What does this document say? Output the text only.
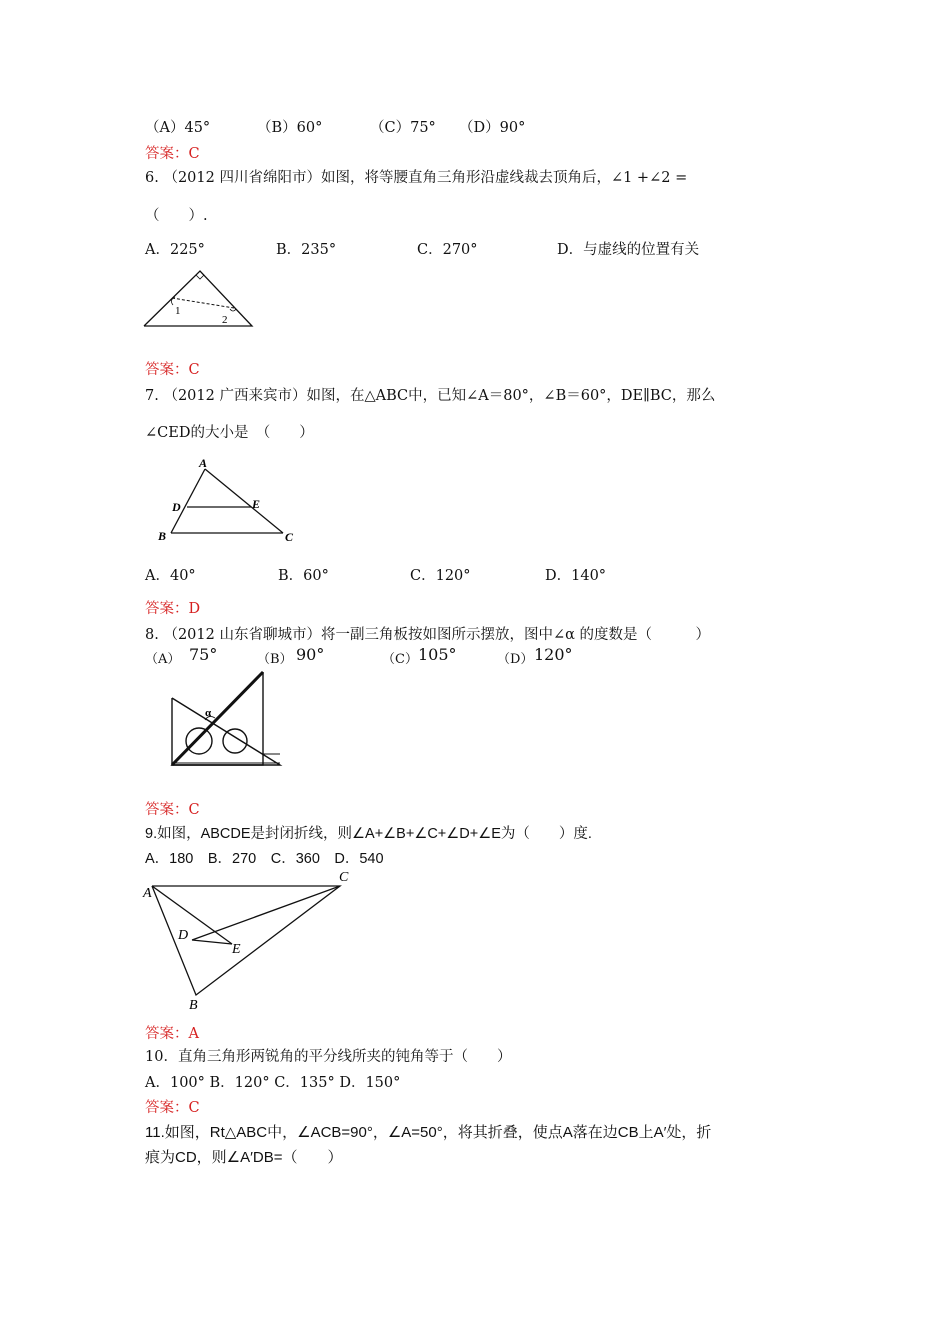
（A）45°	（B）60°	（C）75° （D）90°
答案：C
6. （2012 四川省绵阳市）如图，将等腰直角三角形沿虚线裁去顶角后，∠1 +∠2 =
（　　）.
A．225°	B．235°	C．270°	D．与虚线的位置有关
1
2
答案：C
7. （2012 广西来宾市）如图，在△ABC中，已知∠A＝80°，∠B＝60°，DE∥BC，那么
∠CED的大小是　（　　）
A
D	E
B	C
A．40°	B．60°	C．120°	D．140°
答案：D
8. （2012 山东省聊城市）将一副三角板按如图所示摆放，图中∠α 的度数是（　　　）
（A） 75°	（B） 90°	（C） 105°	（D） 120°
α
答案：C
9.如图，ABCDE是封闭折线，则∠A+∠B+∠C+∠D+∠E为（　　）度.
A．180　B．270　C．360　D．540
A
C
D
E
B
答案：A
10．直角三角形两锐角的平分线所夹的钝角等于（　　）
A．100° B．120° C．135° D．150°
答案：C
11.如图，Rt△ABC中，∠ACB=90°，∠A=50°，将其折叠，使点A落在边CB上A′处，折
痕为CD，则∠A′DB=（　　）
